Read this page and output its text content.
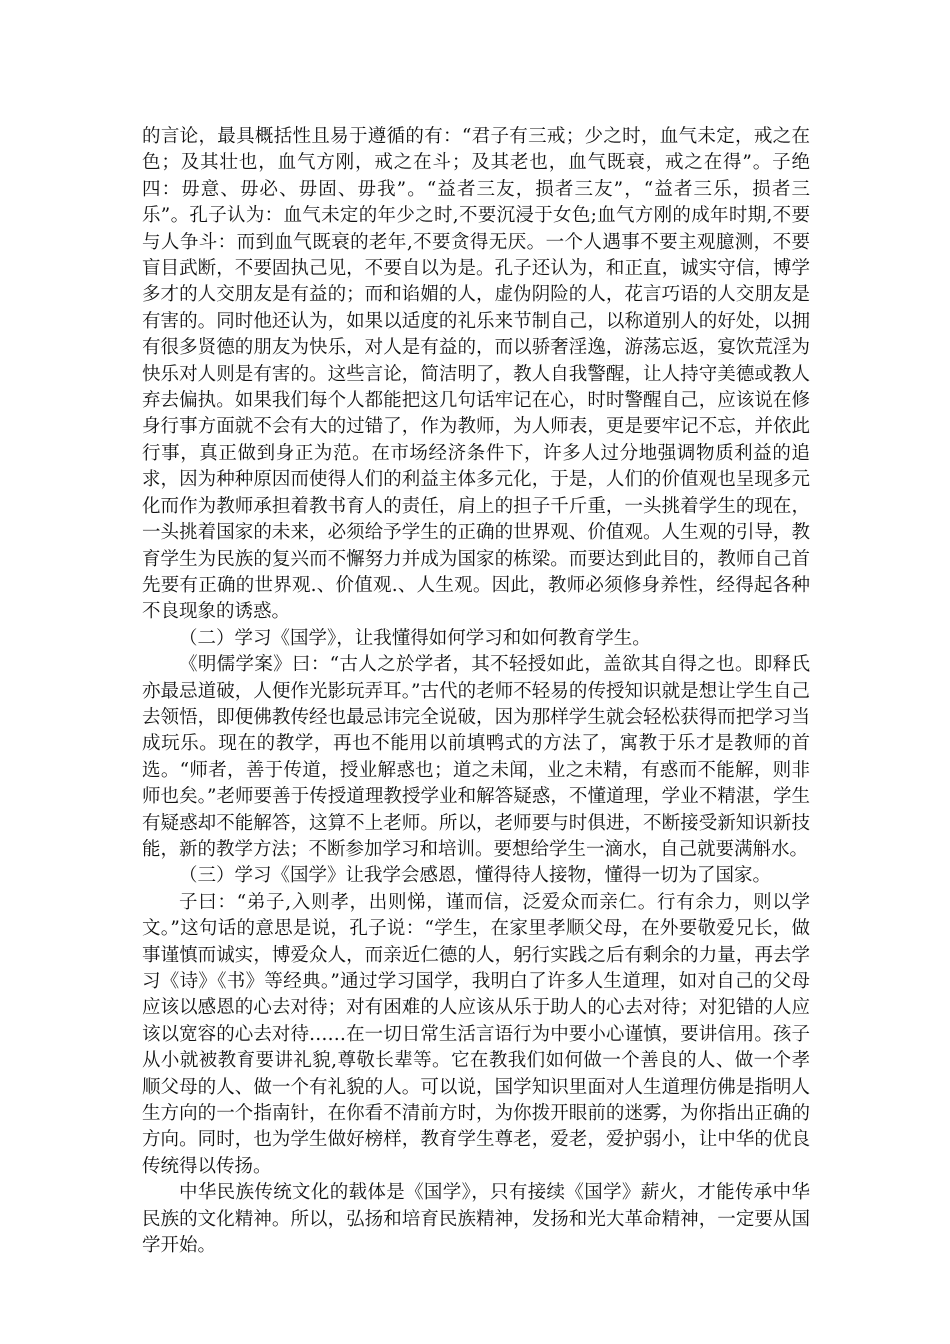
的言论，最具概括性且易于遵循的有：“君子有三戒；少之时，血气未定，戒之在色；及其壮也，血气方刚，戒之在斗；及其老也，血气既衰，戒之在得”。子绝四：毋意、毋必、毋固、毋我”。“益者三友，损者三友”，“益者三乐，损者三乐”。孔子认为：血气未定的年少之时,不要沉浸于女色;血气方刚的成年时期,不要与人争斗：而到血气既衰的老年,不要贪得无厌。一个人遇事不要主观臆测，不要盲目武断，不要固执己见，不要自以为是。孔子还认为，和正直，诚实守信，博学多才的人交朋友是有益的；而和谄媚的人，虚伪阴险的人，花言巧语的人交朋友是有害的。同时他还认为，如果以适度的礼乐来节制自己，以称道别人的好处，以拥有很多贤德的朋友为快乐，对人是有益的，而以骄奢淫逸，游荡忘返，宴饮荒淫为快乐对人则是有害的。这些言论，简洁明了，教人自我警醒，让人持守美德或教人弃去偏执。如果我们每个人都能把这几句话牢记在心，时时警醒自己，应该说在修身行事方面就不会有大的过错了，作为教师，为人师表，更是要牢记不忘，并依此行事，真正做到身正为范。在市场经济条件下，许多人过分地强调物质利益的追求，因为种种原因而使得人们的利益主体多元化，于是，人们的价值观也呈现多元化而作为教师承担着教书育人的责任，肩上的担子千斤重，一头挑着学生的现在，一头挑着国家的未来，必须给予学生的正确的世界观、价值观。人生观的引导，教育学生为民族的复兴而不懈努力并成为国家的栋梁。而要达到此目的，教师自己首先要有正确的世界观.、价值观.、人生观。因此，教师必须修身养性，经得起各种不良现象的诱惑。

（二）学习《国学》，让我懂得如何学习和如何教育学生。

《明儒学案》曰：“古人之於学者，其不轻授如此，盖欲其自得之也。即释氏亦最忌道破，人便作光影玩弄耳。”古代的老师不轻易的传授知识就是想让学生自己去领悟，即便佛教传经也最忌讳完全说破，因为那样学生就会轻松获得而把学习当成玩乐。现在的教学，再也不能用以前填鸭式的方法了，寓教于乐才是教师的首选。“师者，善于传道，授业解惑也；道之未闻，业之未精，有惑而不能解，则非师也矣。”老师要善于传授道理教授学业和解答疑惑，不懂道理，学业不精湛，学生有疑惑却不能解答，这算不上老师。所以，老师要与时俱进，不断接受新知识新技能，新的教学方法；不断参加学习和培训。要想给学生一滴水，自己就要满斛水。

（三）学习《国学》让我学会感恩，懂得待人接物，懂得一切为了国家。

子曰：“弟子,入则孝，出则悌，谨而信，泛爱众而亲仁。行有余力，则以学文。”这句话的意思是说，孔子说：“学生，在家里孝顺父母，在外要敬爱兄长，做事谨慎而诚实，博爱众人，而亲近仁德的人，躬行实践之后有剩余的力量，再去学习《诗》《书》等经典。”通过学习国学，我明白了许多人生道理，如对自己的父母应该以感恩的心去对待；对有困难的人应该从乐于助人的心去对待；对犯错的人应该以宽容的心去对待……在一切日常生活言语行为中要小心谨慎，要讲信用。孩子从小就被教育要讲礼貌,尊敬长辈等。它在教我们如何做一个善良的人、做一个孝顺父母的人、做一个有礼貌的人。可以说，国学知识里面对人生道理仿佛是指明人生方向的一个指南针，在你看不清前方时，为你拨开眼前的迷雾，为你指出正确的方向。同时，也为学生做好榜样，教育学生尊老，爱老，爱护弱小，让中华的优良传统得以传扬。

中华民族传统文化的载体是《国学》，只有接续《国学》薪火，才能传承中华民族的文化精神。所以，弘扬和培育民族精神，发扬和光大革命精神，一定要从国学开始。
